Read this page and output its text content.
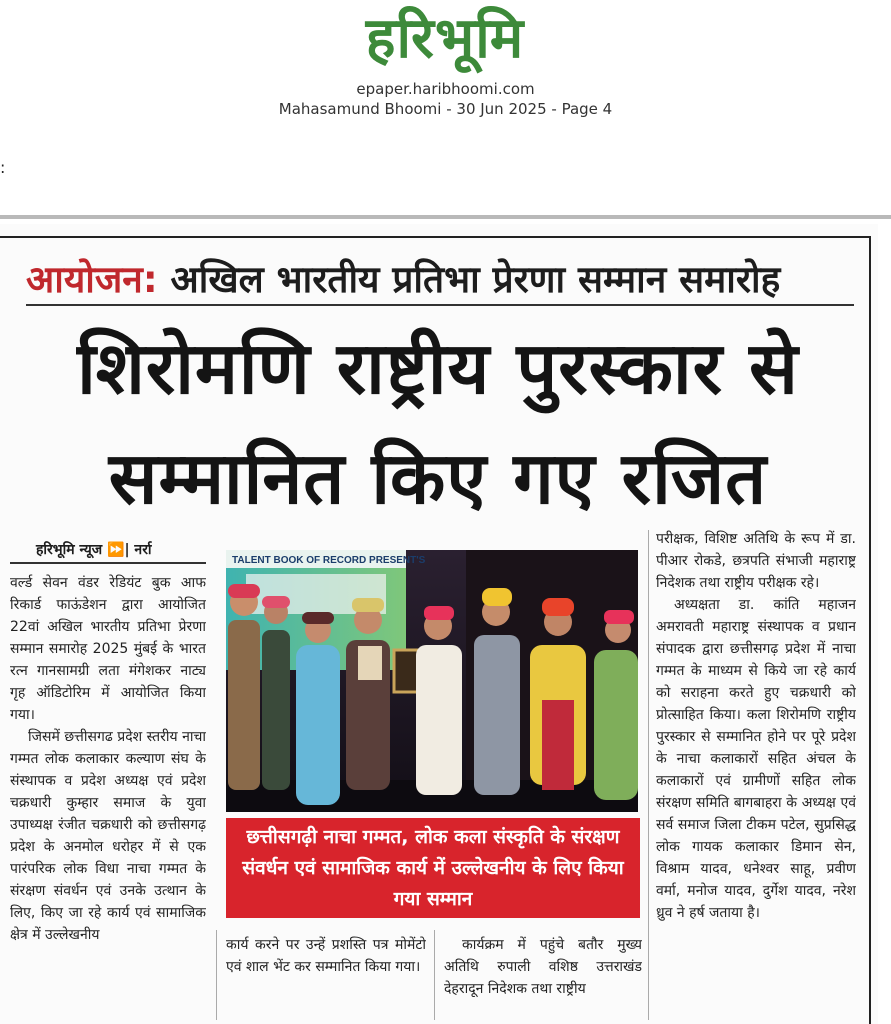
हरिभूमि
epaper.haribhoomi.com
Mahasamund Bhoomi - 30 Jun 2025 - Page 4
:
आयोजन: अखिल भारतीय प्रतिभा प्रेरणा सम्मान समारोह
शिरोमणि राष्ट्रीय पुरस्कार से
सम्मानित किए गए रजित
हरिभूमि न्यूज ⏩| नर्रा

वर्ल्ड सेवन वंडर रेडियंट बुक आफ रिकार्ड फाऊंडेशन द्वारा आयोजित 22वां अखिल भारतीय प्रतिभा प्रेरणा सम्मान समारोह 2025 मुंबई के भारत रत्न गानसामग्री लता मंगेशकर नाट्य गृह ऑडिटोरिम में आयोजित किया गया।

जिसमें छत्तीसगढ प्रदेश स्तरीय नाचा गम्मत लोक कलाकार कल्याण संघ के संस्थापक व प्रदेश अध्यक्ष एवं प्रदेश चक्रधारी कुम्हार समाज के युवा उपाध्यक्ष रंजीत चक्रधारी को छत्तीसगढ़ प्रदेश के अनमोल धरोहर में से एक पारंपरिक लोक विधा नाचा गम्मत के संरक्षण संवर्धन एवं उनके उत्थान के लिए, किए जा रहे कार्य एवं सामाजिक क्षेत्र में उल्लेखनीय

TALENT BOOK OF RECORD PRESENT'S
छत्तीसगढ़ी नाचा गम्मत, लोक कला संस्कृति के संरक्षण संवर्धन एवं सामाजिक कार्य में उल्लेखनीय के लिए किया गया सम्मान

कार्य करने पर उन्हें प्रशस्ति पत्र मोमेंटो एवं शाल भेंट कर सम्मानित किया गया।

कार्यक्रम में पहुंचे बतौर मुख्य अतिथि रुपाली वशिष्ठ उत्तराखंड देहरादून निदेशक तथा राष्ट्रीय

परीक्षक, विशिष्ट अतिथि के रूप में डा. पीआर रोकडे, छत्रपति संभाजी महाराष्ट्र निदेशक तथा राष्ट्रीय परीक्षक रहे।

अध्यक्षता डा. कांति महाजन अमरावती महाराष्ट्र संस्थापक व प्रधान संपादक द्वारा छत्तीसगढ़ प्रदेश में नाचा गम्मत के माध्यम से किये जा रहे कार्य को सराहना करते हुए चक्रधारी को प्रोत्साहित किया। कला शिरोमणि राष्ट्रीय पुरस्कार से सम्मानित होने पर पूरे प्रदेश के नाचा कलाकारों सहित अंचल के कलाकारों एवं ग्रामीणों सहित लोक संरक्षण समिति बागबाहरा के अध्यक्ष एवं सर्व समाज जिला टीकम पटेल, सुप्रसिद्ध लोक गायक कलाकार डिमान सेन, विश्राम यादव, धनेश्वर साहू, प्रवीण वर्मा, मनोज यादव, दुर्गेश यादव, नरेश ध्रुव ने हर्ष जताया है।
